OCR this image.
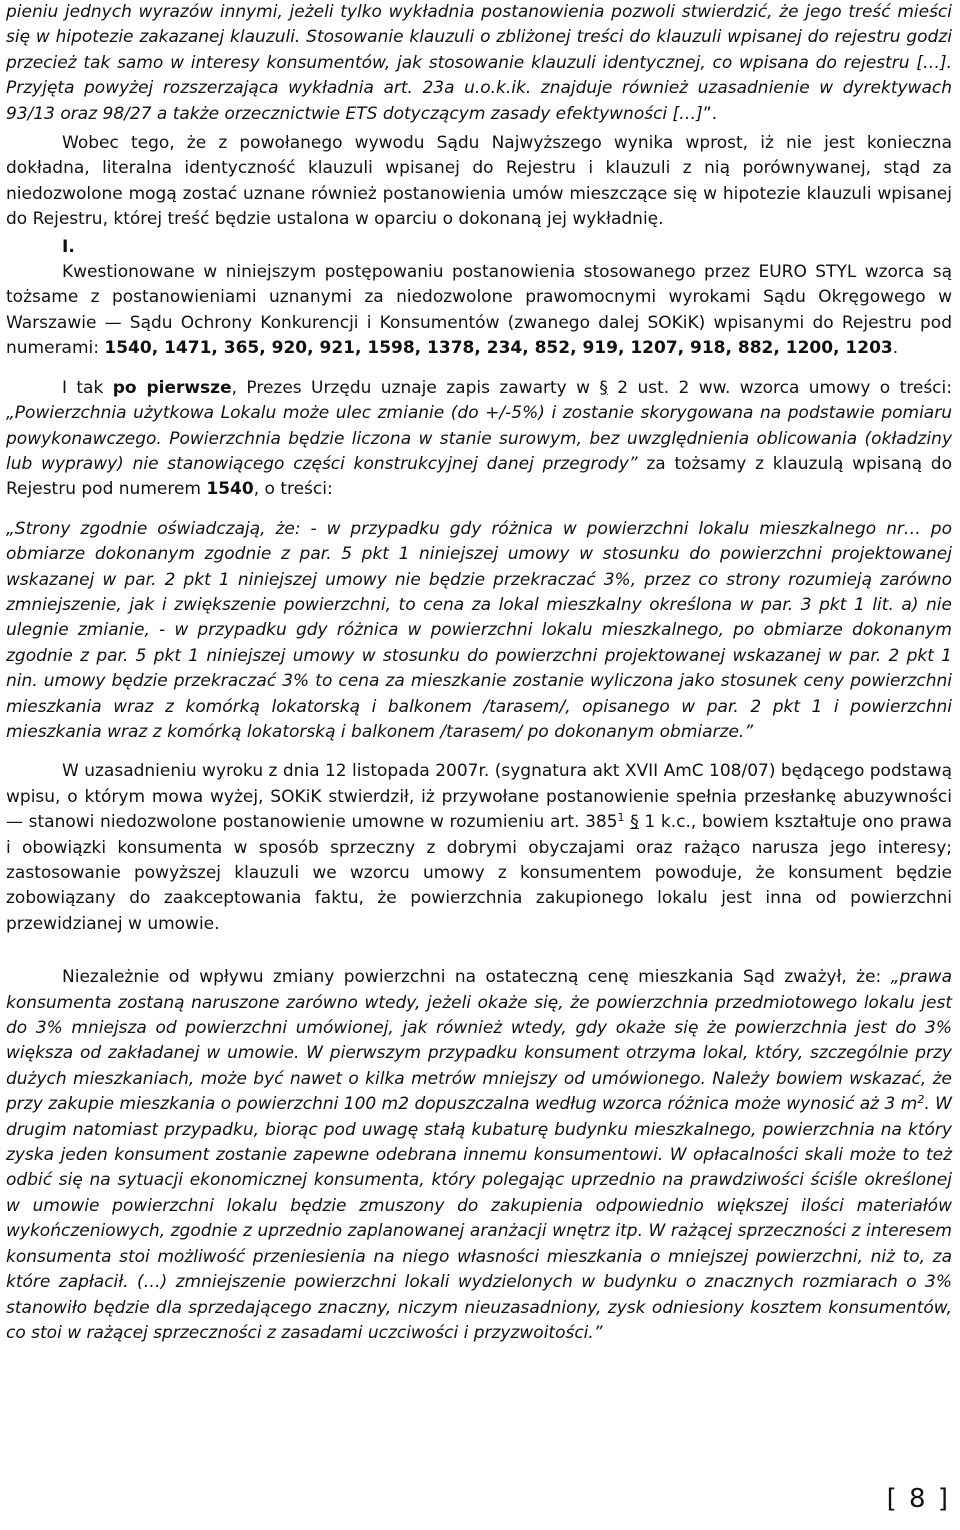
pieniu jednych wyrazów innymi, jeżeli tylko wykładnia postanowienia pozwoli stwierdzić, że jego treść mieści się w hipotezie zakazanej klauzuli. Stosowanie klauzuli o zbliżonej treści do klauzuli wpisanej do rejestru godzi przecież tak samo w interesy konsumentów, jak stosowanie klauzuli identycznej, co wpisana do rejestru […]. Przyjęta powyżej rozszerzająca wykładnia art. 23a u.o.k.ik. znajduje również uzasadnienie w dyrektywach 93/13 oraz 98/27 a także orzecznictwie ETS dotyczącym zasady efektywności […]”.

Wobec tego, że z powołanego wywodu Sądu Najwyższego wynika wprost, iż nie jest konieczna dokładna, literalna identyczność klauzuli wpisanej do Rejestru i klauzuli z nią porównywanej, stąd za niedozwolone mogą zostać uznane również postanowienia umów mieszczące się w hipotezie klauzuli wpisanej do Rejestru, której treść będzie ustalona w oparciu o dokonaną jej wykładnię.

I.

Kwestionowane w niniejszym postępowaniu postanowienia stosowanego przez EURO STYL wzorca są tożsame z postanowieniami uznanymi za niedozwolone prawomocnymi wyrokami Sądu Okręgowego w Warszawie — Sądu Ochrony Konkurencji i Konsumentów (zwanego dalej SOKiK) wpisanymi do Rejestru pod numerami: 1540, 1471, 365, 920, 921, 1598, 1378, 234, 852, 919, 1207, 918, 882, 1200, 1203.

I tak po pierwsze, Prezes Urzędu uznaje zapis zawarty w § 2 ust. 2 ww. wzorca umowy o treści: „Powierzchnia użytkowa Lokalu może ulec zmianie (do +/-5%) i zostanie skorygowana na podstawie pomiaru powykonawczego. Powierzchnia będzie liczona w stanie surowym, bez uwzględnienia oblicowania (okładziny lub wyprawy) nie stanowiącego części konstrukcyjnej danej przegrody” za tożsamy z klauzulą wpisaną do Rejestru pod numerem 1540, o treści:

„Strony zgodnie oświadczają, że: - w przypadku gdy różnica w powierzchni lokalu mieszkalnego nr… po obmiarze dokonanym zgodnie z par. 5 pkt 1 niniejszej umowy w stosunku do powierzchni projektowanej wskazanej w par. 2 pkt 1 niniejszej umowy nie będzie przekraczać 3%, przez co strony rozumieją zarówno zmniejszenie, jak i zwiększenie powierzchni, to cena za lokal mieszkalny określona w par. 3 pkt 1 lit. a) nie ulegnie zmianie, - w przypadku gdy różnica w powierzchni lokalu mieszkalnego, po obmiarze dokonanym zgodnie z par. 5 pkt 1 niniejszej umowy w stosunku do powierzchni projektowanej wskazanej w par. 2 pkt 1 nin. umowy będzie przekraczać 3% to cena za mieszkanie zostanie wyliczona jako stosunek ceny powierzchni mieszkania wraz z komórką lokatorską i balkonem /tarasem/, opisanego w par. 2 pkt 1 i powierzchni mieszkania wraz z komórką lokatorską i balkonem /tarasem/ po dokonanym obmiarze.”

W uzasadnieniu wyroku z dnia 12 listopada 2007r. (sygnatura akt XVII AmC 108/07) będącego podstawą wpisu, o którym mowa wyżej, SOKiK stwierdził, iż przywołane postanowienie spełnia przesłankę abuzywności — stanowi niedozwolone postanowienie umowne w rozumieniu art. $385^1$ § 1 k.c., bowiem kształtuje ono prawa i obowiązki konsumenta w sposób sprzeczny z dobrymi obyczajami oraz rażąco narusza jego interesy; zastosowanie powyższej klauzuli we wzorcu umowy z konsumentem powoduje, że konsument będzie zobowiązany do zaakceptowania faktu, że powierzchnia zakupionego lokalu jest inna od powierzchni przewidzianej w umowie.

Niezależnie od wpływu zmiany powierzchni na ostateczną cenę mieszkania Sąd zważył, że: „prawa konsumenta zostaną naruszone zarówno wtedy, jeżeli okaże się, że powierzchnia przedmiotowego lokalu jest do 3% mniejsza od powierzchni umówionej, jak również wtedy, gdy okaże się że powierzchnia jest do 3% większa od zakładanej w umowie. W pierwszym przypadku konsument otrzyma lokal, który, szczególnie przy dużych mieszkaniach, może być nawet o kilka metrów mniejszy od umówionego. Należy bowiem wskazać, że przy zakupie mieszkania o powierzchni 100 m2 dopuszczalna według wzorca różnica może wynosić aż 3 $m^2$. W drugim natomiast przypadku, biorąc pod uwagę stałą kubaturę budynku mieszkalnego, powierzchnia na który zyska jeden konsument zostanie zapewne odebrana innemu konsumentowi. W opłacalności skali może to też odbić się na sytuacji ekonomicznej konsumenta, który polegając uprzednio na prawdziwości ściśle określonej w umowie powierzchni lokalu będzie zmuszony do zakupienia odpowiednio większej ilości materiałów wykończeniowych, zgodnie z uprzednio zaplanowanej aranżacji wnętrz itp. W rażącej sprzeczności z interesem konsumenta stoi możliwość przeniesienia na niego własności mieszkania o mniejszej powierzchni, niż to, za które zapłacił. (…) zmniejszenie powierzchni lokali wydzielonych w budynku o znacznych rozmiarach o 3% stanowiło będzie dla sprzedającego znaczny, niczym nieuzasadniony, zysk odniesiony kosztem konsumentów, co stoi w rażącej sprzeczności z zasadami uczciwości i przyzwoitości.”

[ 8 ]
